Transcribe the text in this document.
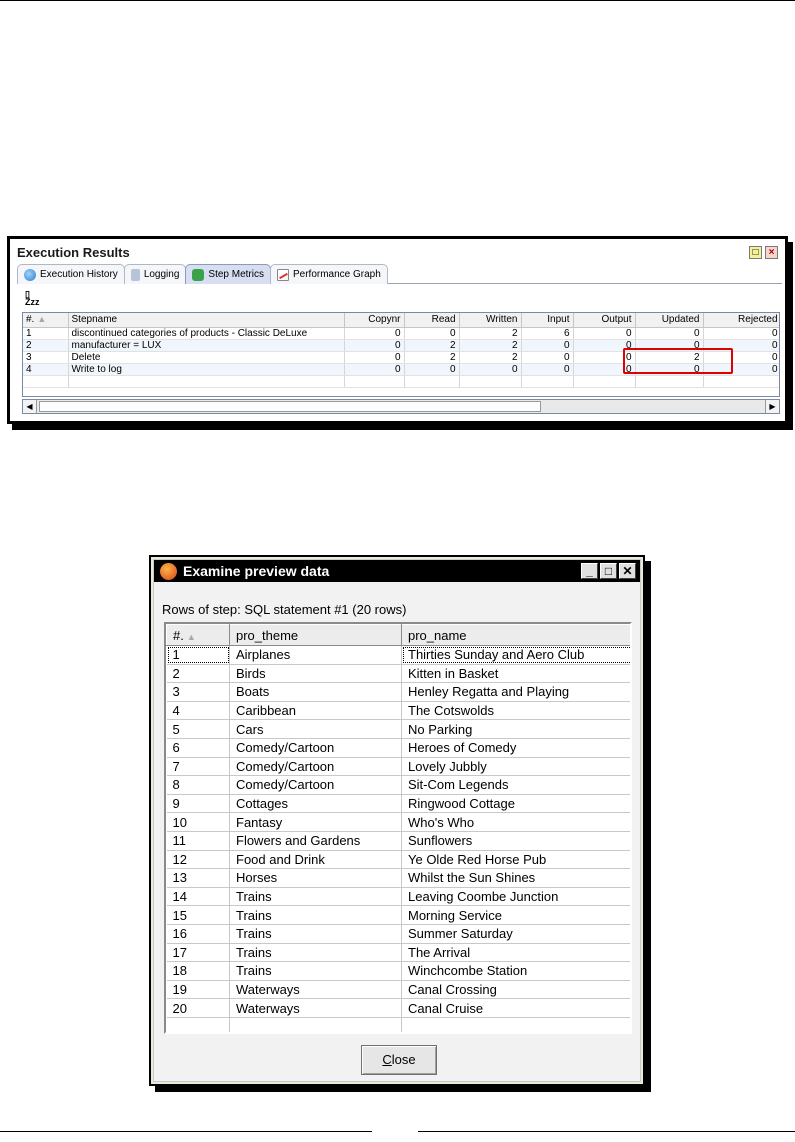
Execution Results	□	×
Execution History	Logging	Step Metrics	Performance Graph
▯
Zzz
#. ▲	Stepname	Copynr	Read	Written	Input	Output	Updated	Rejected
1	discontinued categories of products - Classic DeLuxe	0	0	2	6	0	0	0
2	manufacturer = LUX	0	2	2	0	0	0	0
3	Delete	0	2	2	0	0	2	0
4	Write to log	0	0	0	0	0	0	0

◀	▶
Examine preview data	_	□ ✕
Rows of step: SQL statement #1 (20 rows)
#. ▲	pro_theme	pro_name
1	Airplanes	Thirties Sunday and Aero Club
2	Birds	Kitten in Basket
3	Boats	Henley Regatta and Playing
4	Caribbean	The Cotswolds
5	Cars	No Parking
6	Comedy/Cartoon	Heroes of Comedy
7	Comedy/Cartoon	Lovely Jubbly
8	Comedy/Cartoon	Sit-Com Legends
9	Cottages	Ringwood Cottage
10	Fantasy	Who's Who
11	Flowers and Gardens	Sunflowers
12	Food and Drink	Ye Olde Red Horse Pub
13	Horses	Whilst the Sun Shines
14	Trains	Leaving Coombe Junction
15	Trains	Morning Service
16	Trains	Summer Saturday
17	Trains	The Arrival
18	Trains	Winchcombe Station
19	Waterways	Canal Crossing
20	Waterways	Canal Cruise

Close
